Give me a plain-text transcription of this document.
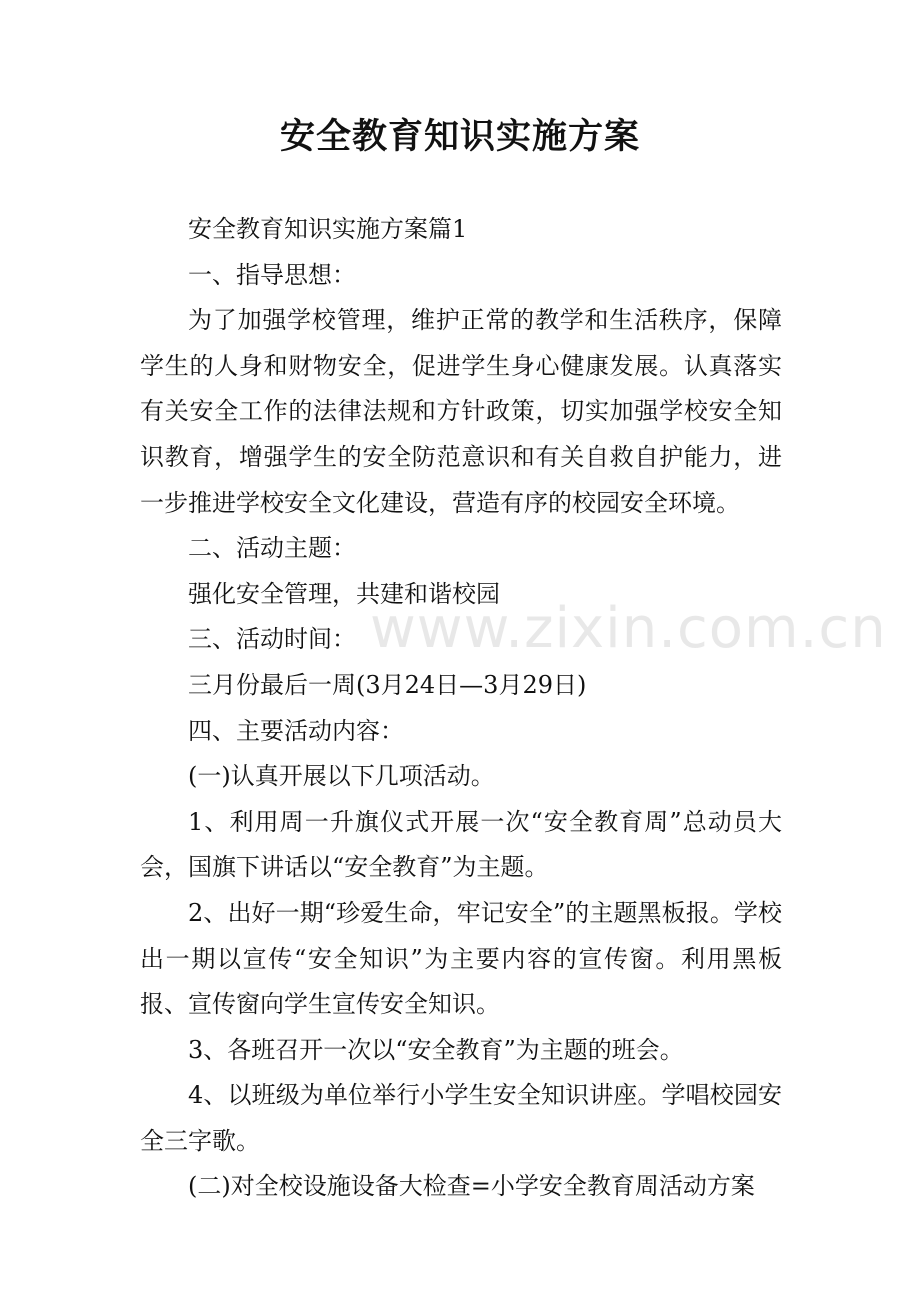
安全教育知识实施方案

安全教育知识实施方案篇1

一、指导思想：

为了加强学校管理，维护正常的教学和生活秩序，保障学生的人身和财物安全，促进学生身心健康发展。认真落实有关安全工作的法律法规和方针政策，切实加强学校安全知识教育，增强学生的安全防范意识和有关自救自护能力，进一步推进学校安全文化建设，营造有序的校园安全环境。

二、活动主题：

强化安全管理，共建和谐校园

三、活动时间：

三月份最后一周(3月24日—3月29日)

四、主要活动内容：

(一)认真开展以下几项活动。

1、利用周一升旗仪式开展一次“安全教育周”总动员大会，国旗下讲话以“安全教育”为主题。

2、出好一期“珍爱生命，牢记安全”的主题黑板报。学校出一期以宣传“安全知识”为主要内容的宣传窗。利用黑板报、宣传窗向学生宣传安全知识。

3、各班召开一次以“安全教育”为主题的班会。

4、以班级为单位举行小学生安全知识讲座。学唱校园安全三字歌。

(二)对全校设施设备大检查=小学安全教育周活动方案

www.zixin.com.cn
